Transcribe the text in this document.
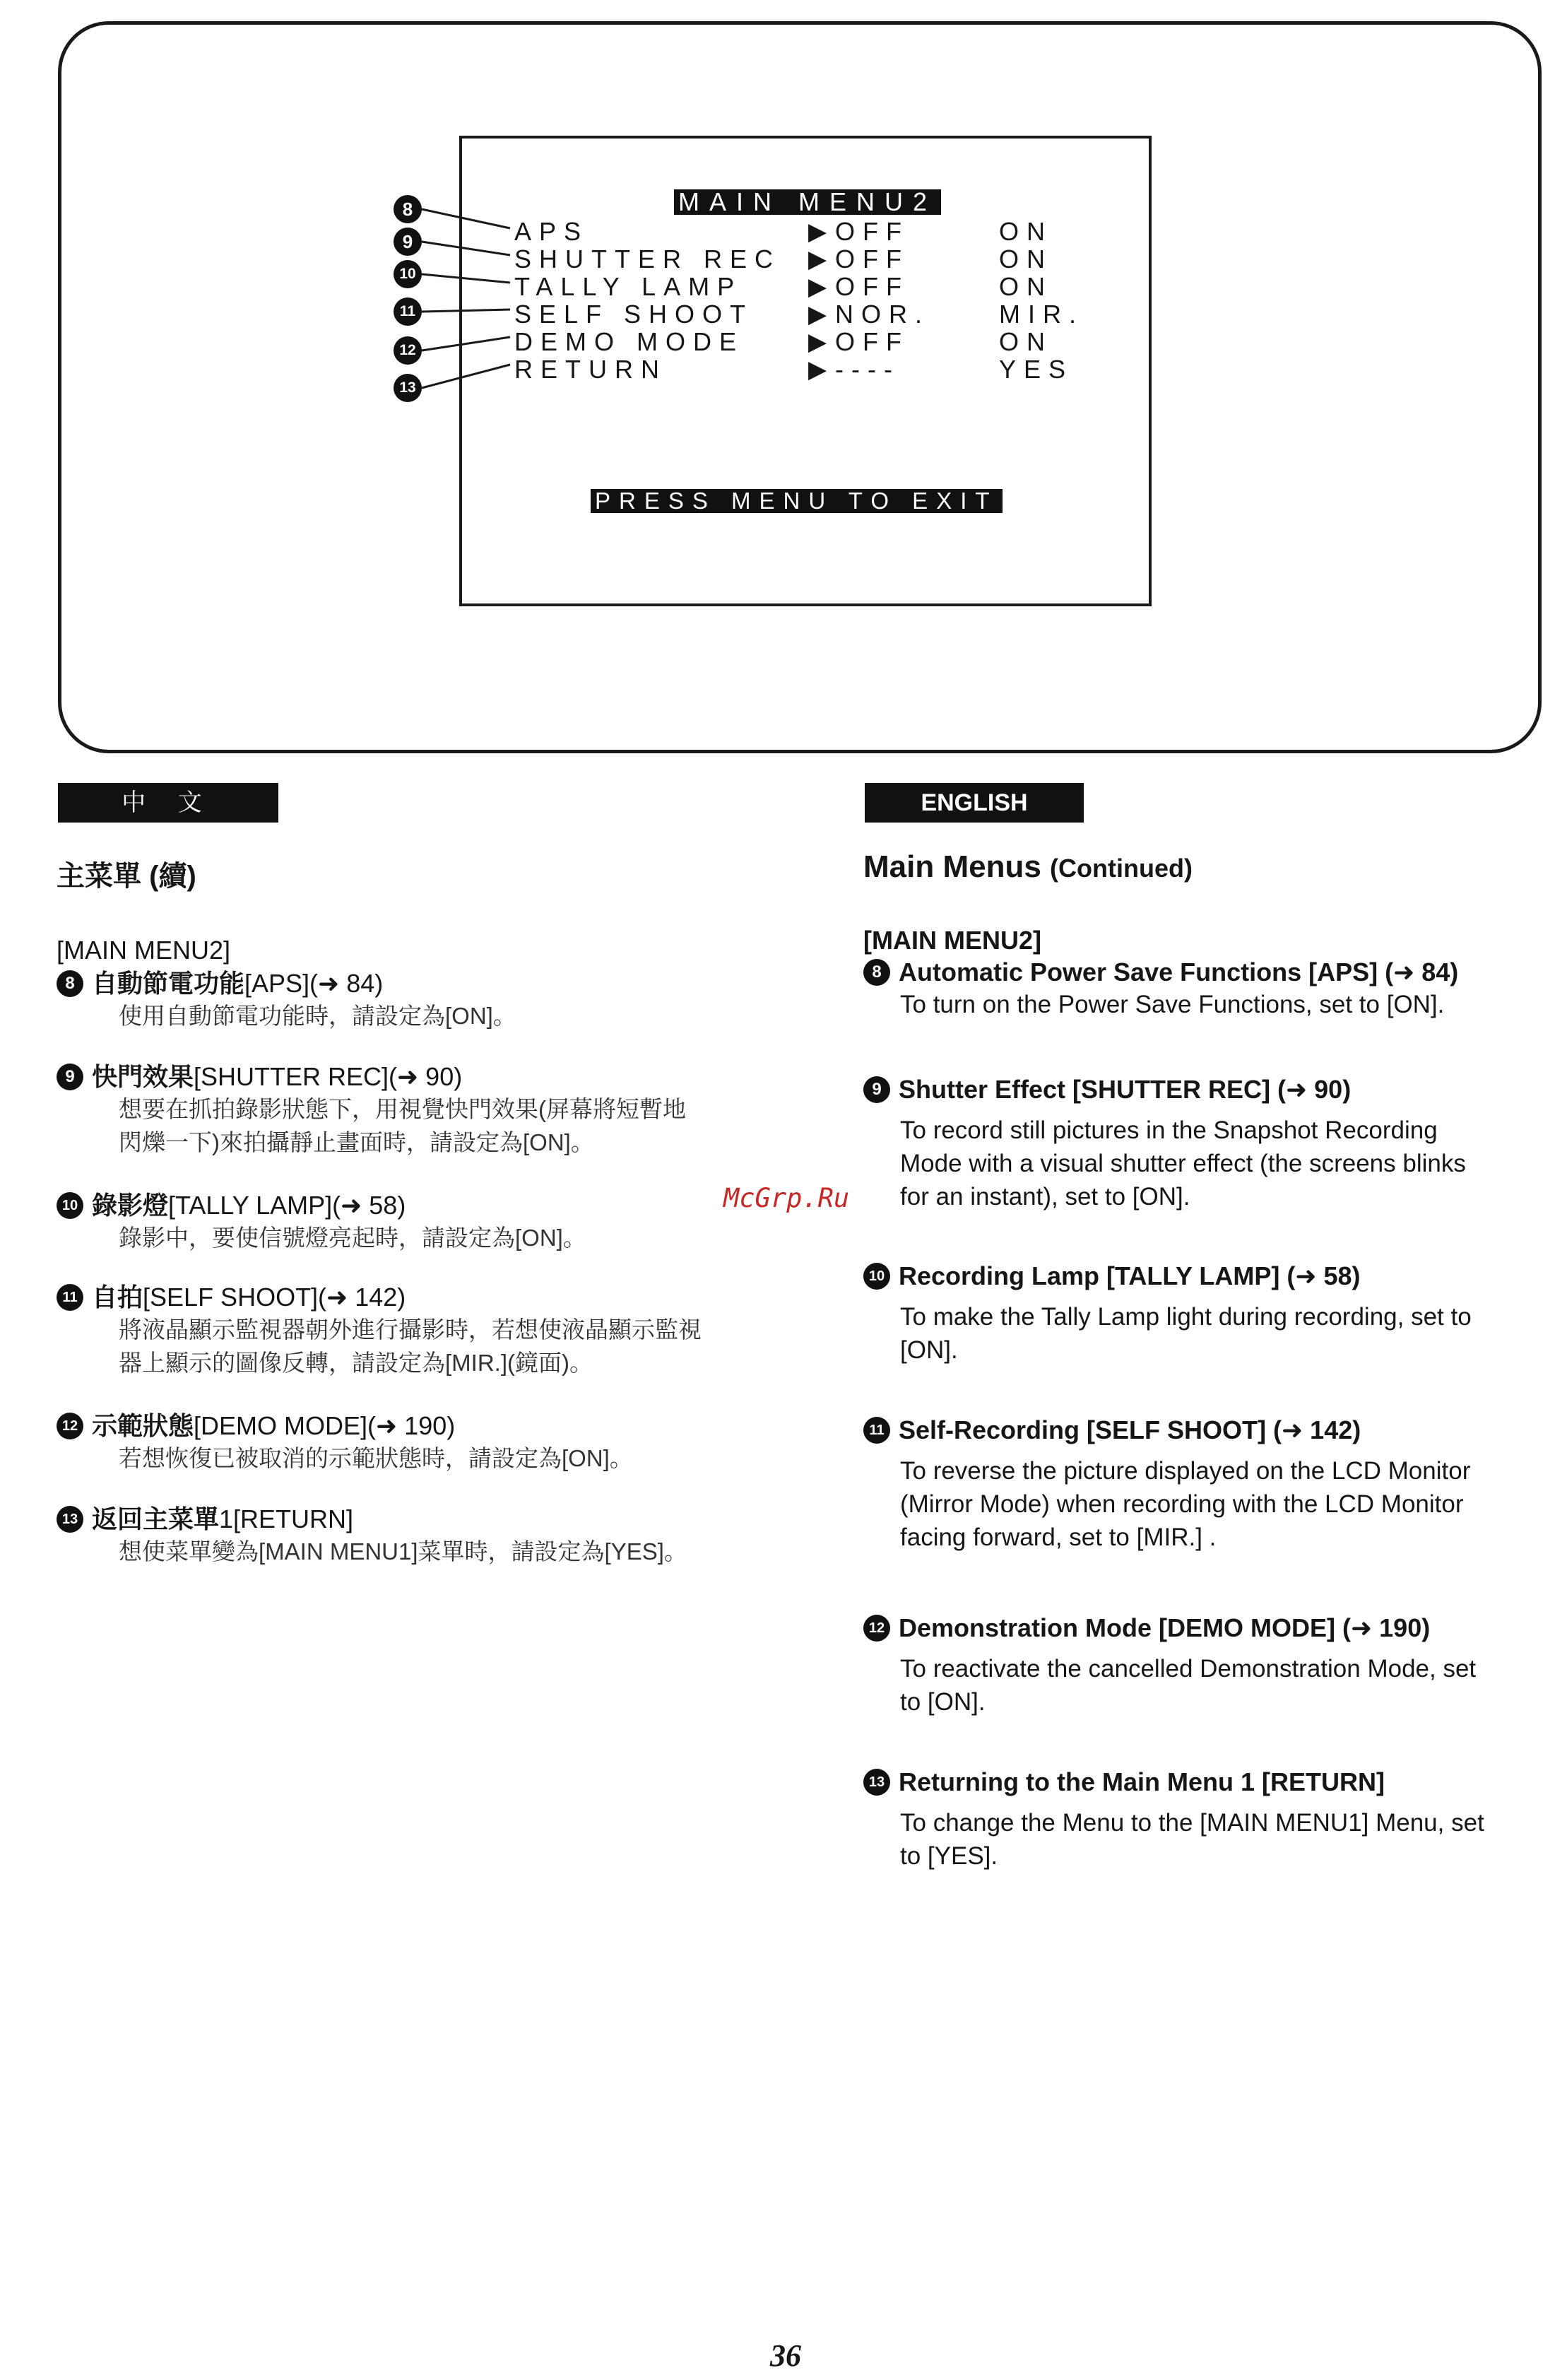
8
9
10
11
12
13
MAIN MENU2
APS	▶ OFF	ON
SHUTTER REC ▶ OFF	ON
TALLY LAMP	▶ OFF	ON
SELF SHOOT ▶ NOR.	MIR.
DEMO MODE	▶ OFF	ON
RETURN	▶ ----	YES
PRESS MENU TO EXIT
中 文
主菜單 (續)
[MAIN MENU2]
8 自動節電功能 [APS](➜ 84)
使用自動節電功能時，請設定為[ON]。
9 快門效果 [SHUTTER REC](➜ 90)
想要在抓拍錄影狀態下，用視覺快門效果(屏幕將短暫地
閃爍一下)來拍攝靜止畫面時，請設定為[ON]。
10 錄影燈 [TALLY LAMP](➜ 58)
錄影中，要使信號燈亮起時，請設定為[ON]。
11 自拍 [SELF SHOOT](➜ 142)
將液晶顯示監視器朝外進行攝影時，若想使液晶顯示監視
器上顯示的圖像反轉，請設定為[MIR.](鏡面)。
12 示範狀態 [DEMO MODE](➜ 190)
若想恢復已被取消的示範狀態時，請設定為[ON]。
13 返回主菜單 1[RETURN]
想使菜單變為[MAIN MENU1]菜單時，請設定為[YES]。
McGrp.Ru
ENGLISH
Main Menus (Continued)
[MAIN MENU2]
8 Automatic Power Save Functions [APS] (➜ 84)
To turn on the Power Save Functions, set to [ON].
9 Shutter Effect [SHUTTER REC] (➜ 90)
To record still pictures in the Snapshot Recording
Mode with a visual shutter effect (the screens blinks
for an instant), set to [ON].
10 Recording Lamp [TALLY LAMP] (➜ 58)
To make the Tally Lamp light during recording, set to
[ON].
11 Self-Recording [SELF SHOOT] (➜ 142)
To reverse the picture displayed on the LCD Monitor
(Mirror Mode) when recording with the LCD Monitor
facing forward, set to [MIR.] .
12 Demonstration Mode [DEMO MODE] (➜ 190)
To reactivate the cancelled Demonstration Mode, set
to [ON].
13 Returning to the Main Menu 1 [RETURN]
To change the Menu to the [MAIN MENU1] Menu, set
to [YES].
36
